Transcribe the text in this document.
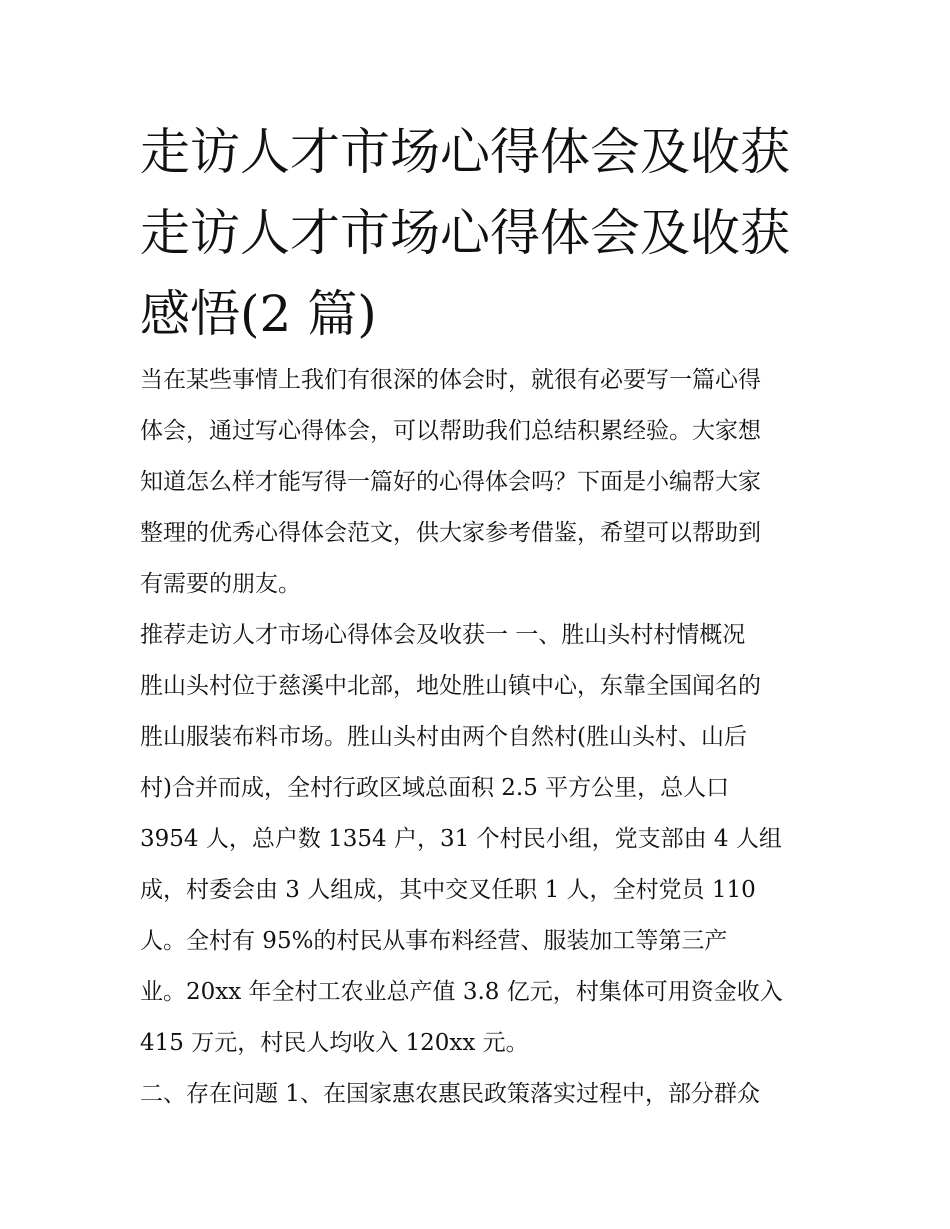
走访人才市场心得体会及收获
走访人才市场心得体会及收获
感悟(2 篇)

当在某些事情上我们有很深的体会时，就很有必要写一篇心得
体会，通过写心得体会，可以帮助我们总结积累经验。大家想
知道怎么样才能写得一篇好的心得体会吗？下面是小编帮大家
整理的优秀心得体会范文，供大家参考借鉴，希望可以帮助到
有需要的朋友。

推荐走访人才市场心得体会及收获一 一、胜山头村村情概况
胜山头村位于慈溪中北部，地处胜山镇中心，东靠全国闻名的
胜山服装布料市场。胜山头村由两个自然村(胜山头村、山后
村)合并而成，全村行政区域总面积 2.5 平方公里，总人口
3954 人，总户数 1354 户，31 个村民小组，党支部由 4 人组
成，村委会由 3 人组成，其中交叉任职 1 人，全村党员 110
人。全村有 95%的村民从事布料经营、服装加工等第三产
业。20xx 年全村工农业总产值 3.8 亿元，村集体可用资金收入
415 万元，村民人均收入 120xx 元。

二、存在问题 1、在国家惠农惠民政策落实过程中，部分群众
